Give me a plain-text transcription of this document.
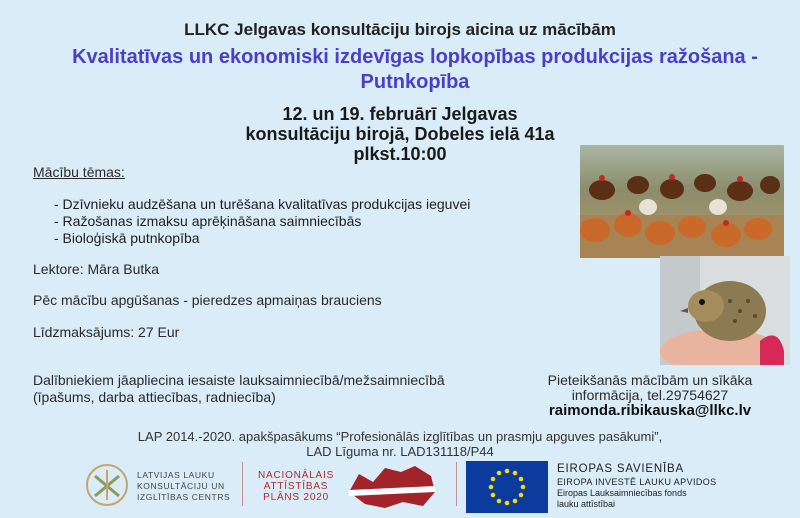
LLKC Jelgavas konsultāciju birojs aicina uz mācībām
Kvalitatīvas un ekonomiski izdevīgas lopkopības produkcijas ražošana -
Putnkopība
12. un 19. februārī Jelgavas
konsultāciju birojā, Dobeles ielā 41a
plkst.10:00
Mācību tēmas:
- Dzīvnieku audzēšana un turēšana kvalitatīvas produkcijas ieguvei
- Ražošanas izmaksu aprēķināšana saimniecībās
- Bioloģiskā putnkopība
Lektore: Māra Butka
Pēc mācību apgūšanas - pieredzes apmaiņas brauciens
Līdzmaksājums: 27 Eur
Dalībniekiem jāapliecina iesaiste lauksaimniecībā/mežsaimniecībā
(īpašums, darba attiecības, radniecība)
Pieteikšanās mācībām un sīkāka
informācija, tel.29754627
raimonda.ribikauska@llkc.lv
LAP 2014.-2020. apakšpasākums “Profesionālās izglītības un prasmju apguves pasākumi”,
LAD Līguma nr. LAD131118/P44
LATVIJAS LAUKU
KONSULTĀCIJU UN
IZGLĪTĪBAS CENTRS
NACIONĀLAIS
ATTĪSTĪBAS
PLĀNS 2020
EIROPAS SAVIENĪBA
EIROPA INVESTĒ LAUKU APVIDOS
Eiropas Lauksaimniecības fonds
lauku attīstībai
